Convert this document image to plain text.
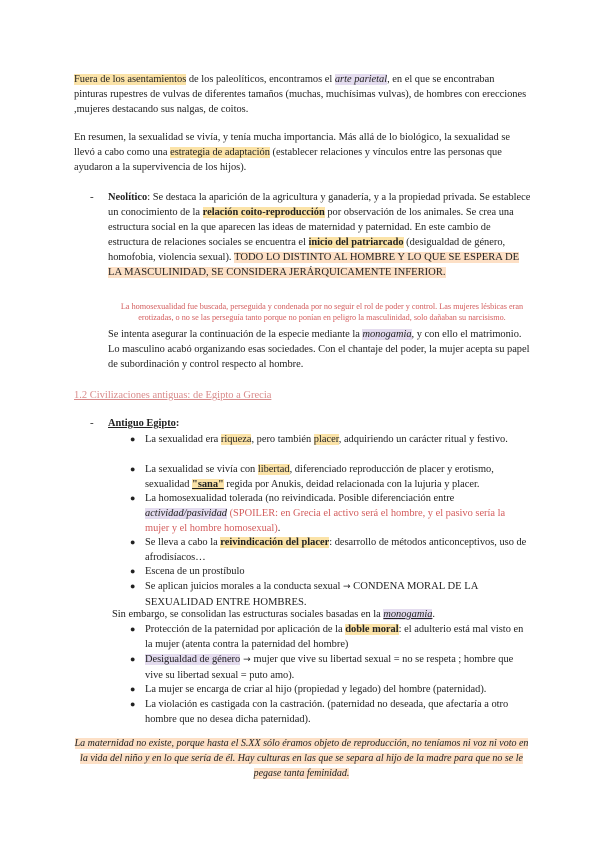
Fuera de los asentamientos de los paleolíticos, encontramos el arte parietal, en el que se encontraban pinturas rupestres de vulvas de diferentes tamaños (muchas, muchísimas vulvas), de hombres con erecciones ,mujeres destacando sus nalgas, de coitos.

En resumen, la sexualidad se vivía, y tenía mucha importancia. Más allá de lo biológico, la sexualidad se llevó a cabo como una estrategia de adaptación (establecer relaciones y vínculos entre las personas que ayudaron a la supervivencia de los hijos).

- Neolítico: Se destaca la aparición de la agricultura y ganadería, y a la propiedad privada. Se establece un conocimiento de la relación coito-reproducción por observación de los animales. Se crea una estructura social en la que aparecen las ideas de maternidad y paternidad. En este cambio de estructura de relaciones sociales se encuentra el inicio del patriarcado (desigualdad de género, homofobia, violencia sexual). TODO LO DISTINTO AL HOMBRE Y LO QUE SE ESPERA DE LA MASCULINIDAD, SE CONSIDERA JERÁRQUICAMENTE INFERIOR.

La homosexualidad fue buscada, perseguida y condenada por no seguir el rol de poder y control. Las mujeres lésbicas eran erotizadas, o no se las perseguía tanto porque no ponían en peligro la masculinidad, solo dañaban su narcisismo.

Se intenta asegurar la continuación de la especie mediante la monogamia, y con ello el matrimonio. Lo masculino acabó organizando esas sociedades. Con el chantaje del poder, la mujer acepta su papel de subordinación y control respecto al hombre.

1.2 Civilizaciones antiguas: de Egipto a Grecia
- Antiguo Egipto:

● La sexualidad era riqueza, pero también placer, adquiriendo un carácter ritual y festivo.

● La sexualidad se vivía con libertad, diferenciado reproducción de placer y erotismo, sexualidad "sana" regida por Anukis, deidad relacionada con la lujuria y placer.

● La homosexualidad tolerada (no reivindicada. Posible diferenciación entre actividad/pasividad (SPOILER: en Grecia el activo será el hombre, y el pasivo sería la mujer y el hombre homosexual).

● Se lleva a cabo la reivindicación del placer: desarrollo de métodos anticonceptivos, uso de afrodisíacos…

● Escena de un prostíbulo

● Se aplican juicios morales a la conducta sexual → CONDENA MORAL DE LA SEXUALIDAD ENTRE HOMBRES.

Sin embargo, se consolidan las estructuras sociales basadas en la monogamia.

● Protección de la paternidad por aplicación de la doble moral: el adulterio está mal visto en la mujer (atenta contra la paternidad del hombre)

● Desigualdad de género → mujer que vive su libertad sexual = no se respeta ; hombre que vive su libertad sexual = puto amo).

● La mujer se encarga de criar al hijo (propiedad y legado) del hombre (paternidad).

● La violación es castigada con la castración. (paternidad no deseada, que afectaría a otro hombre que no desea dicha paternidad).

La maternidad no existe, porque hasta el S.XX sólo éramos objeto de reproducción, no teníamos ni voz ni voto en la vida del niño y en lo que sería de él. Hay culturas en las que se separa al hijo de la madre para que no se le pegase tanta feminidad.
